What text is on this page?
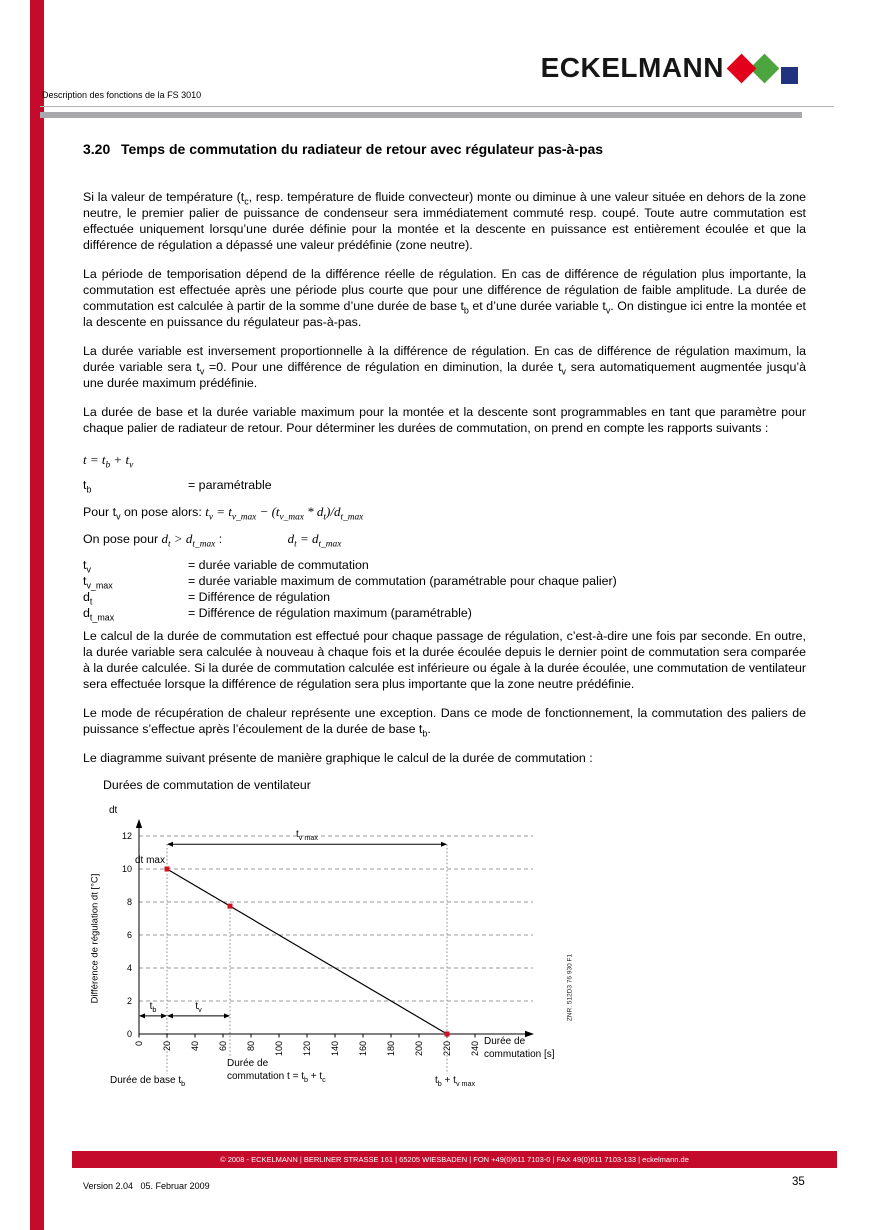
Description des fonctions de la FS 3010
ECKELMANN
3.20 Temps de commutation du radiateur de retour avec régulateur pas-à-pas

Si la valeur de température ($t_c$, resp. température de fluide convecteur) monte ou diminue à une valeur située en dehors de la zone neutre, le premier palier de puissance de condenseur sera immédiatement commuté resp. coupé. Toute autre commutation est effectuée uniquement lorsqu’une durée définie pour la montée et la descente en puissance est entièrement écoulée et que la différence de régulation a dépassé une valeur prédéfinie (zone neutre).

La période de temporisation dépend de la différence réelle de régulation. En cas de différence de régulation plus importante, la commutation est effectuée après une période plus courte que pour une différence de régulation de faible amplitude. La durée de commutation est calculée à partir de la somme d’une durée de base $t_b$ et d’une durée variable $t_v$. On distingue ici entre la montée et la descente en puissance du régulateur pas-à-pas.

La durée variable est inversement proportionnelle à la différence de régulation. En cas de différence de régulation maximum, la durée variable sera $t_v =0$. Pour une différence de régulation en diminution, la durée $t_v$ sera automatiquement augmentée jusqu’à une durée maximum prédéfinie.

La durée de base et la durée variable maximum pour la montée et la descente sont programmables en tant que paramètre pour chaque palier de radiateur de retour. Pour déterminer les durées de commutation, on prend en compte les rapports suivants :

$t = t_b + t_v$
$t_b$	= paramétrable
Pour $t_v$ on pose alors: $t_v = t_{v\_max} - (t_{v\_max} * d_t)/d_{t\_max}$
On pose pour $d_t > d_{t\_max}$ :	$d_t = d_{t\_max}$
$t_v$	= durée variable de commutation
$t_{v\_max}$	= durée variable maximum de commutation (paramétrable pour chaque palier)
$d_t$	= Différence de régulation
$d_{t\_max}$	= Différence de régulation maximum (paramétrable)

Le calcul de la durée de commutation est effectué pour chaque passage de régulation, c’est-à-dire une fois par seconde. En outre, la durée variable sera calculée à nouveau à chaque fois et la durée écoulée depuis le dernier point de commutation sera comparée à la durée calculée. Si la durée de commutation calculée est inférieure ou égale à la durée écoulée, une commutation de ventilateur sera effectuée lorsque la différence de régulation sera plus importante que la zone neutre prédéfinie.

Le mode de récupération de chaleur représente une exception. Dans ce mode de fonctionnement, la commutation des paliers de puissance s’effectue après l’écoulement de la durée de base $t_b$.

Le diagramme suivant présente de manière graphique le calcul de la durée de commutation :

Durées de commutation de ventilateur
Différence de régulation dt [°C]
0 20 40 60 80 100 120 140 160 180 200 220 240
0
2
4
6
8
10
12	$t_{v max}$
$t_b$	$t_v$
dt max
dt
Durée de base $t_b$
Durée de
commutation $t = t_b + t_c$	$t_b + t_{v max}$
Durée de
commutation [s]
ZNR. 512D3 76 930 F1
© 2008 - ECKELMANN | BERLINER STRASSE 161 | 65205 WIESBADEN | FON +49(0)611 7103-0 | FAX 49(0)611 7103-133 | eckelmann.de
Version 2.04   05. Februar 2009	35
